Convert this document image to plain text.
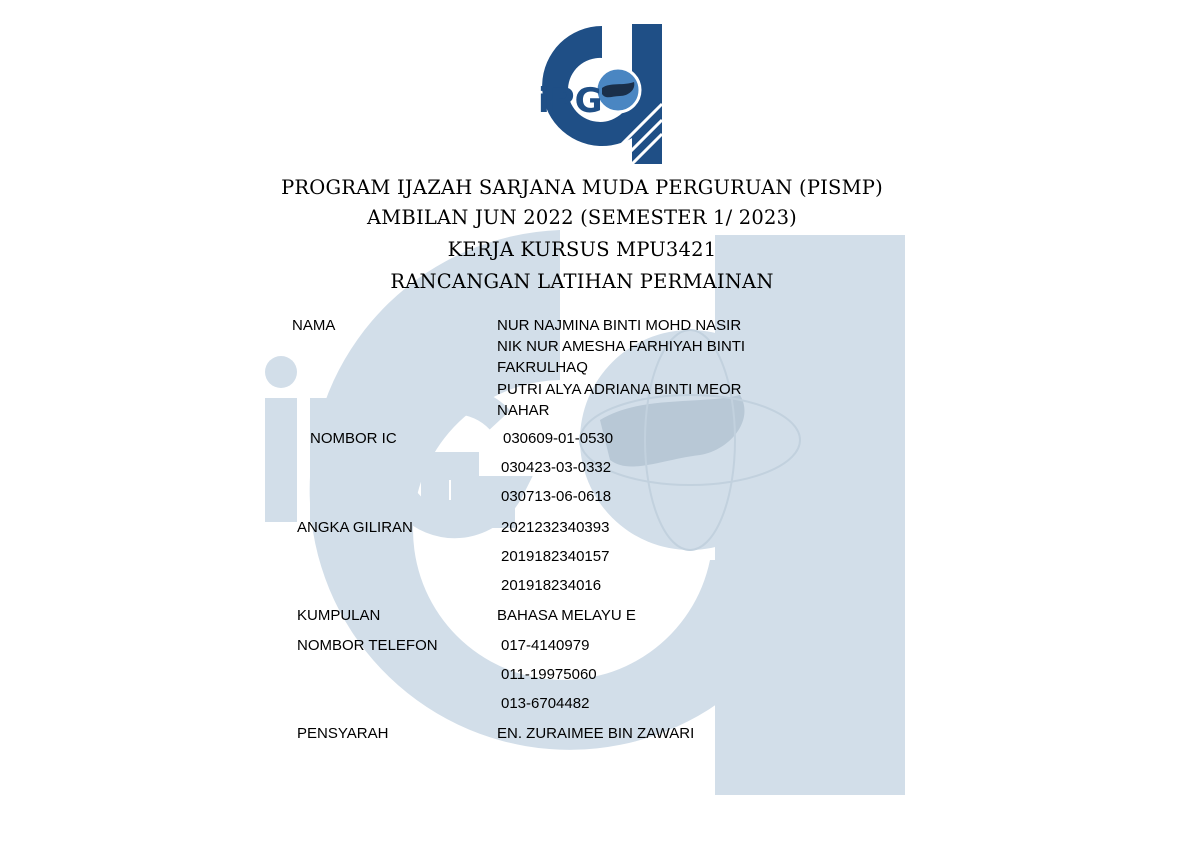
iPG
PROGRAM IJAZAH SARJANA MUDA PERGURUAN (PISMP)
AMBILAN JUN 2022 (SEMESTER 1/ 2023)
KERJA KURSUS MPU3421
RANCANGAN LATIHAN PERMAINAN
NAMA	NUR NAJMINA BINTI MOHD NASIR
NIK NUR AMESHA FARHIYAH BINTI
FAKRULHAQ
PUTRI ALYA ADRIANA BINTI MEOR
NAHAR
NOMBOR IC	030609-01-0530
030423-03-0332
030713-06-0618
ANGKA GILIRAN	2021232340393
2019182340157
201918234016
KUMPULAN	BAHASA MELAYU E
NOMBOR TELEFON	017-4140979
011-19975060
013-6704482
PENSYARAH	EN. ZURAIMEE BIN ZAWARI
